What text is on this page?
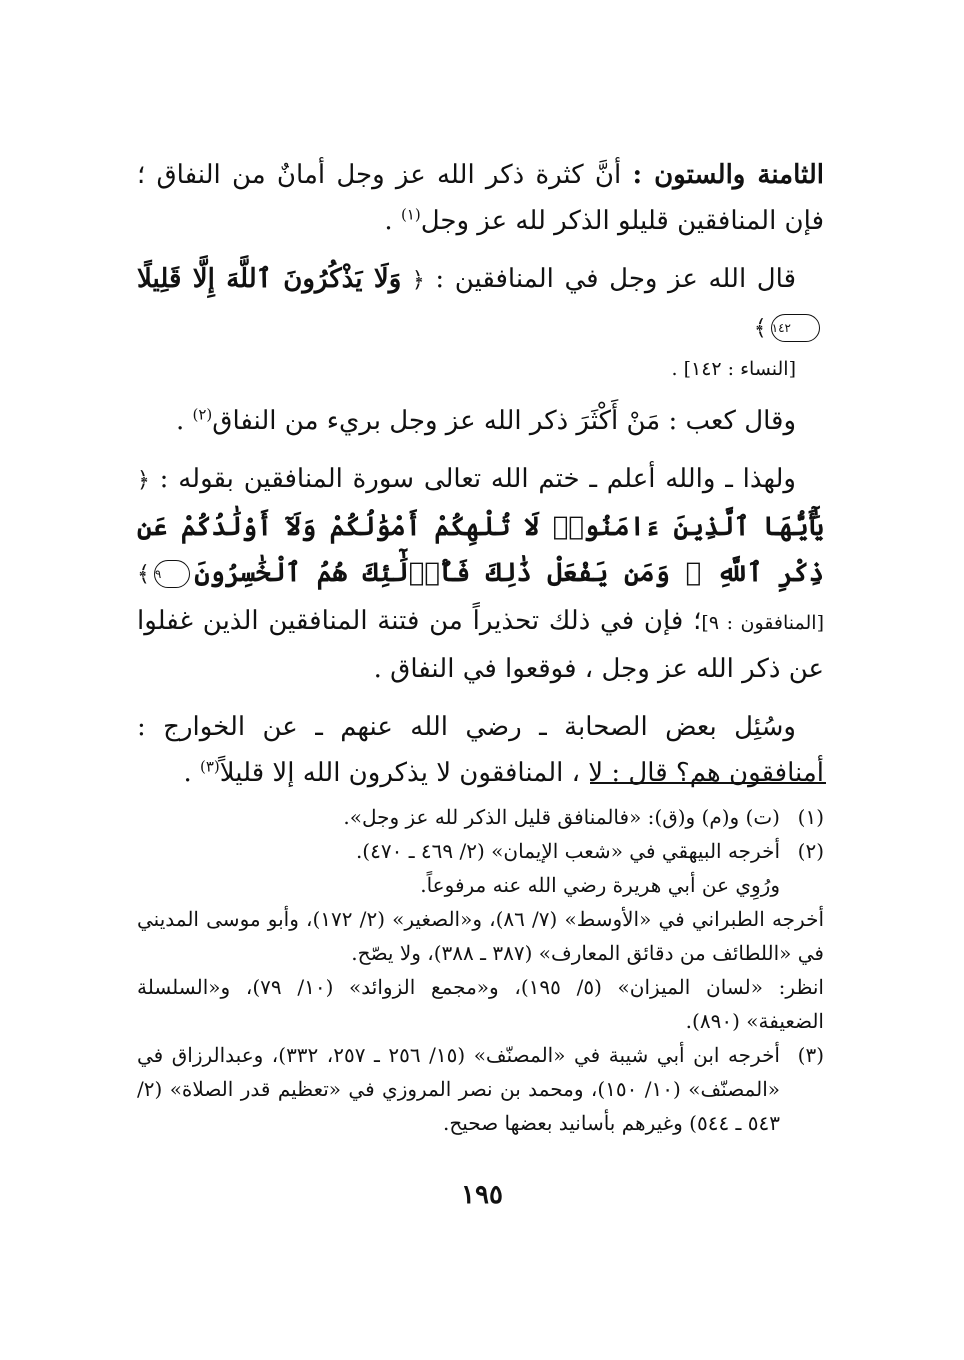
الثامنة والستون : أنَّ كثرة ذكر الله عز وجل أمانٌ من النفاق ؛ فإن المنافقين قليلو الذكر لله عز وجل$^{(١)}$ .

قال الله عز وجل في المنافقين : ﴿ وَلَا يَذْكُرُونَ ٱللَّهَ إِلَّا قَلِيلًا١٤٢﴾
[النساء : ١٤٢] .

وقال كعب : مَنْ أَكْثَرَ ذكر الله عز وجل بريء من النفاق$^{(٢)}$ .

ولهذا ـ والله أعلم ـ ختم الله تعالى سورة المنافقين بقوله : ﴿ يَٰٓأَيُّهَا ٱلَّذِينَ ءَامَنُوا۟ لَا تُلْهِكُمْ أَمْوَٰلُكُمْ وَلَآ أَوْلَٰدُكُمْ عَن ذِكْرِ ٱللَّهِ ۚ وَمَن يَفْعَلْ ذَٰلِكَ فَأُو۟لَٰٓئِكَ هُمُ ٱلْخَٰسِرُونَ٩﴾ [المنافقون : ٩]؛ فإن في ذلك تحذيراً من فتنة المنافقين الذين غفلوا عن ذكر الله عز وجل ، فوقعوا في النفاق .

وسُئِل بعض الصحابة ـ رضي الله عنهم ـ عن الخوارج : أمنافقون هم؟ قال : لا ، المنافقون لا يذكرون الله إلا قليلاً$^{(٣)}$ .

(١)
(ت) و(م) و(ق): «فالمنافق قليل الذكر لله عز وجل».
(٢)
أخرجه البيهقي في «شعب الإيمان» (٢/ ٤٦٩ ـ ٤٧٠).
ورُوِي عن أبي هريرة رضي الله عنه مرفوعاً.
أخرجه الطبراني في «الأوسط» (٧/ ٨٦)، و«الصغير» (٢/ ١٧٢)، وأبو موسى المديني في «اللطائف من دقائق المعارف» (٣٨٧ ـ ٣٨٨)، ولا يصّح.
انظر: «لسان الميزان» (٥/ ١٩٥)، و«مجمع الزوائد» (١٠/ ٧٩)، و«السلسلة الضعيفة» (٨٩٠).
(٣)
أخرجه ابن أبي شيبة في «المصنّف» (١٥/ ٢٥٦ ـ ٢٥٧، ٣٣٢)، وعبدالرزاق في «المصنّف» (١٠/ ١٥٠)، ومحمد بن نصر المروزي في «تعظيم قدر الصلاة» (٢/ ٥٤٣ ـ ٥٤٤) وغيرهم بأسانيد بعضها صحيح.
١٩٥
